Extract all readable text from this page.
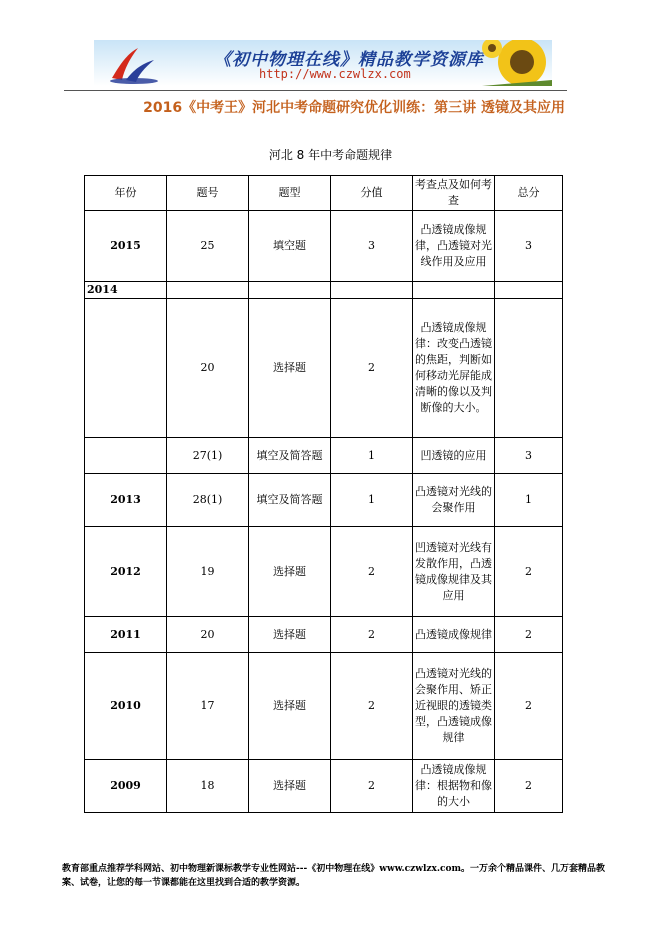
《初中物理在线》精品教学资源库
http://www.czwlzx.com
2016《中考王》河北中考命题研究优化训练：第三讲 透镜及其应用
河北 8 年中考命题规律
年份	题号	题型	分值	考查点及如何考查	总分
2015	25	填空题	3	凸透镜成像规律，凸透镜对光线作用及应用	3
2014					
	20	选择题	2	凸透镜成像规律：改变凸透镜的焦距，判断如何移动光屏能成清晰的像以及判断像的大小。	
	27(1)	填空及简答题	1	凹透镜的应用	3
2013	28(1)	填空及简答题	1	凸透镜对光线的会聚作用	1
2012	19	选择题	2	凹透镜对光线有发散作用，凸透镜成像规律及其应用	2
2011	20	选择题	2	凸透镜成像规律	2
2010	17	选择题	2	凸透镜对光线的会聚作用、矫正近视眼的透镜类型，凸透镜成像规律	2
2009	18	选择题	2	凸透镜成像规律：根据物和像的大小	2
教育部重点推荐学科网站、初中物理新课标教学专业性网站---《初中物理在线》www.czwlzx.com。一万余个精品课件、几万套精品教案、试卷，让您的每一节课都能在这里找到合适的教学资源。
